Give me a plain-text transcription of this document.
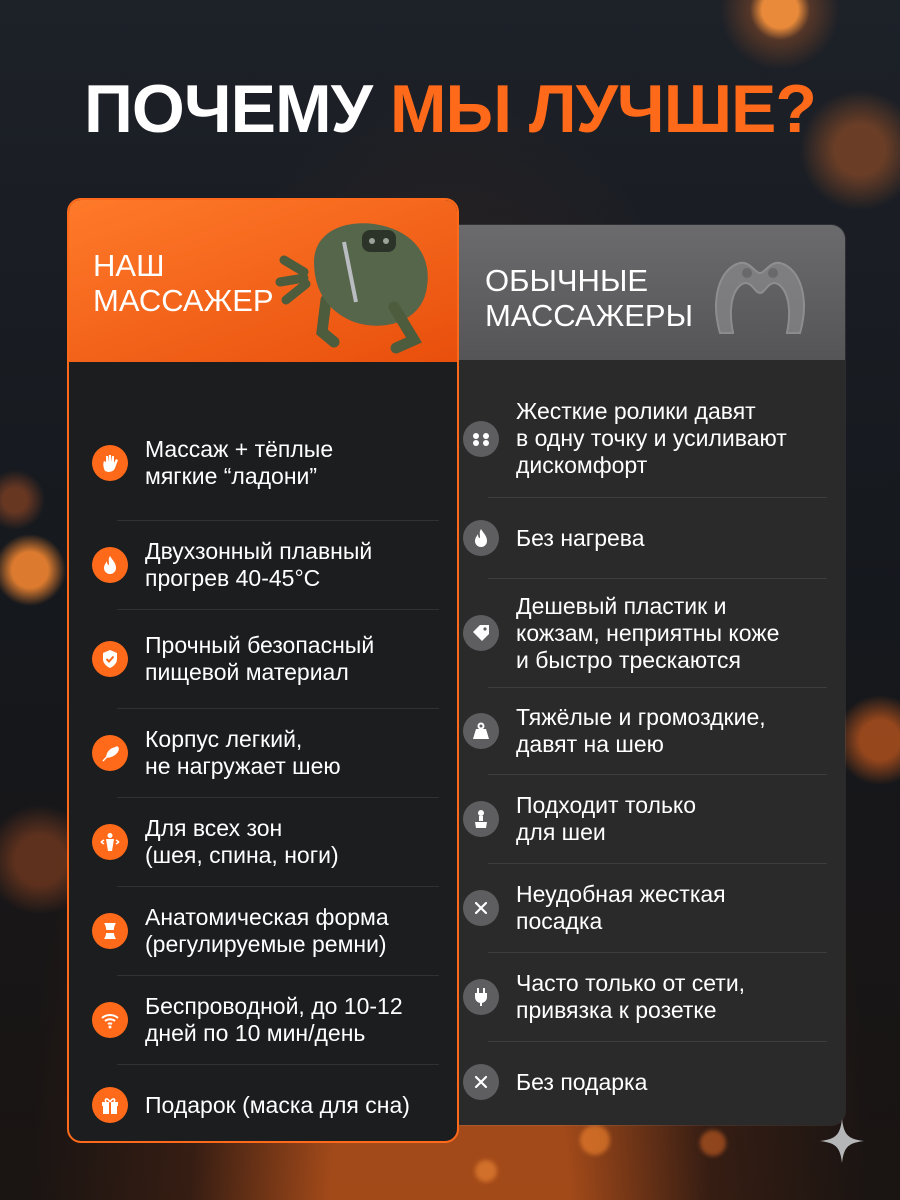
ПОЧЕМУ МЫ ЛУЧШЕ?
ОБЫЧНЫЕ
МАССАЖЕРЫ
Жесткие ролики давят
в одну точку и усиливают
дискомфорт
Без нагрева
Дешевый пластик и
кожзам, неприятны коже
и быстро трескаются
Тяжёлые и громоздкие,
давят на шею
Подходит только
для шеи
Неудобная жесткая
посадка
Часто только от сети,
привязка к розетке
Без подарка
НАШ
МАССАЖЕР
Массаж + тёплые
мягкие “ладони”
Двухзонный плавный
прогрев 40-45°C
Прочный безопасный
пищевой материал
Корпус легкий,
не нагружает шею
Для всех зон
(шея, спина, ноги)
Анатомическая форма
(регулируемые ремни)
Беспроводной, до 10-12
дней по 10 мин/день
Подарок (маска для сна)
